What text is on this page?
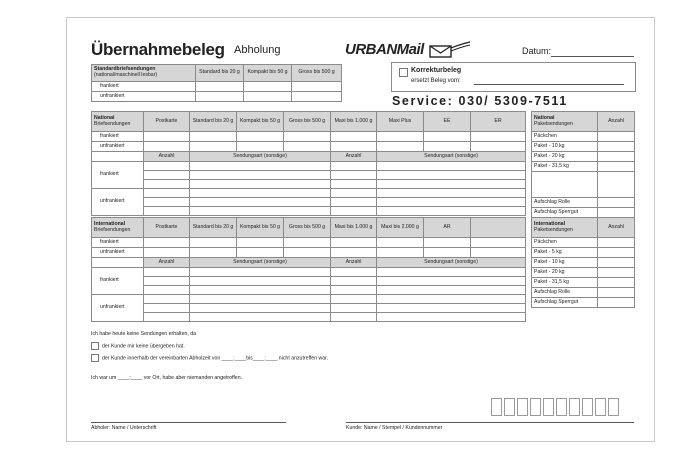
Übernahmebeleg Abholung	URBANMail	Datum:
Korrekturbeleg
ersetzt Beleg vom:
Service: 030/ 5309-7511
Standardbriefsendungen
(national/maschinell lesbar)	Standard bis 20 g	Kompakt bis 50 g	Gross bis 500 g
frankiert			
unfrankiert			
National
Briefsendungen	Postkarte	Standard bis 20 g	Kompakt bis 50 g	Gross bis 500 g	Maxi bis 1.000 g	Maxi Plus	EE	ER
frankiert								
unfrankiert								
	Anzahl	Sendungsart (sonstige)			Anzahl	Sendungsart (sonstige)		
frankiert								

unfrankiert								

International
Briefsendungen	Postkarte	Standard bis 20 g	Kompakt bis 50 g	Gross bis 500 g	Maxi bis 1.000 g	Maxi bis 2.000 g	AR	
frankiert								
unfrankiert								
	Anzahl	Sendungsart (sonstige)			Anzahl	Sendungsart (sonstige)		
frankiert								

unfrankiert								

National
Paketsendungen	Anzahl
Päckchen	
Paket - 10 kg	
Paket - 20 kg	
Paket - 31,5 kg	

Aufschlag Rolle	
Aufschlag Sperrgut	
International
Paketsendungen	Anzahl
Päckchen	
Paket - 5 kg	
Paket - 10 kg	
Paket - 20 kg	
Paket - 31,5 kg	
Aufschlag Rolle	
Aufschlag Sperrgut	
Ich habe heute keine Sendungen erhalten, da
der Kunde mir keine übergeben hat.
der Kunde innerhalb der vereinbarten Abholzeit von ____:____bis____:____ nicht anzutreffen war.
Ich war um ____:____ vor Ort, habe aber niemanden angetroffen.
Abholer: Name / Unterschrift	Kunde: Name / Stempel / Kundennummer
